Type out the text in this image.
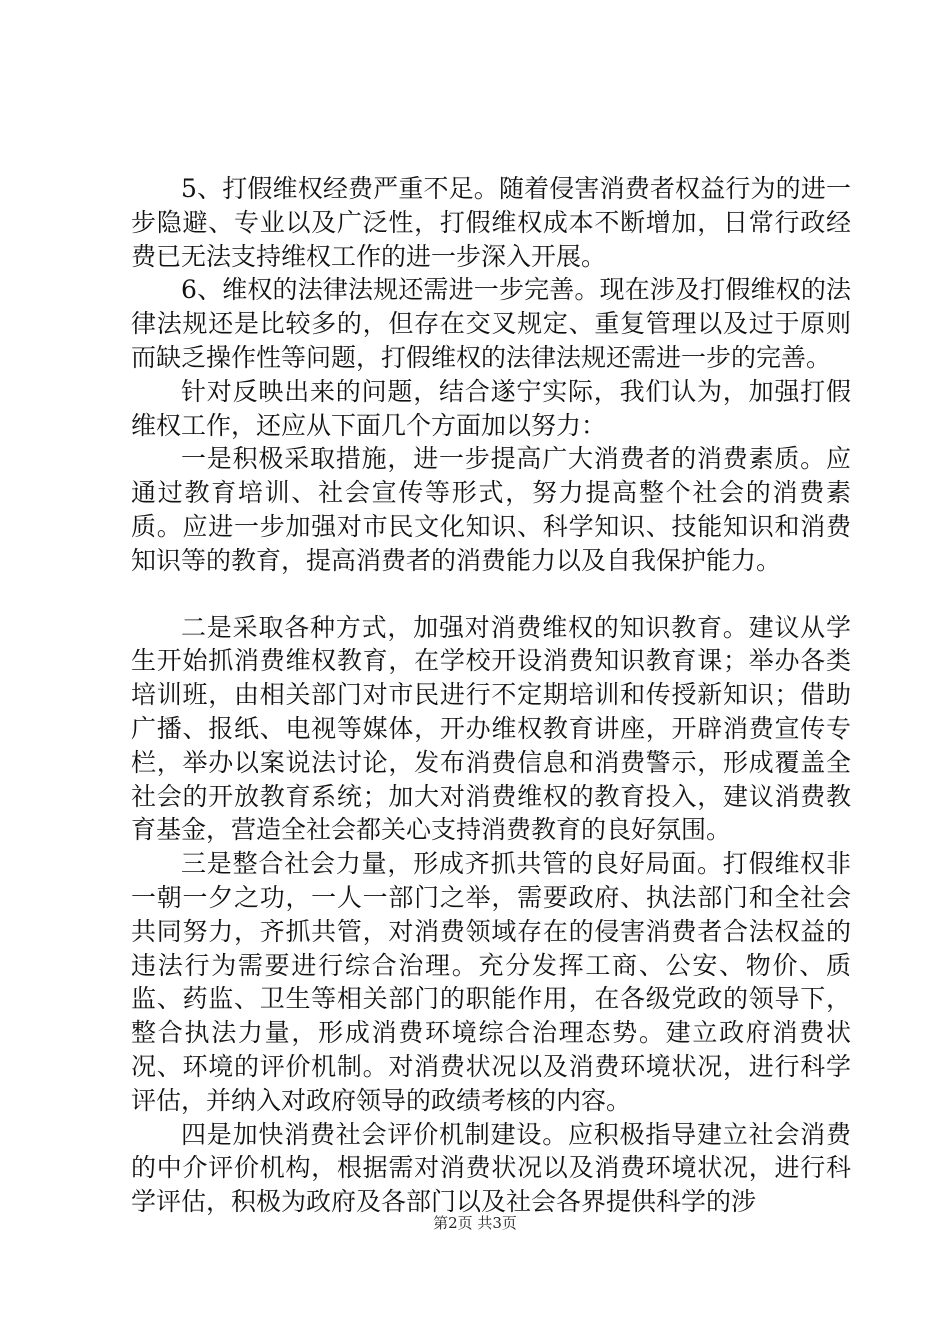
5、打假维权经费严重不足。随着侵害消费者权益行为的进一步隐避、专业以及广泛性，打假维权成本不断增加，日常行政经费已无法支持维权工作的进一步深入开展。

6、维权的法律法规还需进一步完善。现在涉及打假维权的法律法规还是比较多的，但存在交叉规定、重复管理以及过于原则而缺乏操作性等问题，打假维权的法律法规还需进一步的完善。

针对反映出来的问题，结合遂宁实际，我们认为，加强打假维权工作，还应从下面几个方面加以努力：

一是积极采取措施，进一步提高广大消费者的消费素质。应通过教育培训、社会宣传等形式，努力提高整个社会的消费素质。应进一步加强对市民文化知识、科学知识、技能知识和消费知识等的教育，提高消费者的消费能力以及自我保护能力。

二是采取各种方式，加强对消费维权的知识教育。建议从学生开始抓消费维权教育，在学校开设消费知识教育课；举办各类培训班，由相关部门对市民进行不定期培训和传授新知识；借助广播、报纸、电视等媒体，开办维权教育讲座，开辟消费宣传专栏，举办以案说法讨论，发布消费信息和消费警示，形成覆盖全社会的开放教育系统；加大对消费维权的教育投入，建议消费教育基金，营造全社会都关心支持消费教育的良好氛围。

三是整合社会力量，形成齐抓共管的良好局面。打假维权非一朝一夕之功，一人一部门之举，需要政府、执法部门和全社会共同努力，齐抓共管，对消费领域存在的侵害消费者合法权益的违法行为需要进行综合治理。充分发挥工商、公安、物价、质监、药监、卫生等相关部门的职能作用，在各级党政的领导下，整合执法力量，形成消费环境综合治理态势。建立政府消费状况、环境的评价机制。对消费状况以及消费环境状况，进行科学评估，并纳入对政府领导的政绩考核的内容。

四是加快消费社会评价机制建设。应积极指导建立社会消费的中介评价机构，根据需对消费状况以及消费环境状况，进行科学评估，积极为政府及各部门以及社会各界提供科学的涉

第2页 共3页
